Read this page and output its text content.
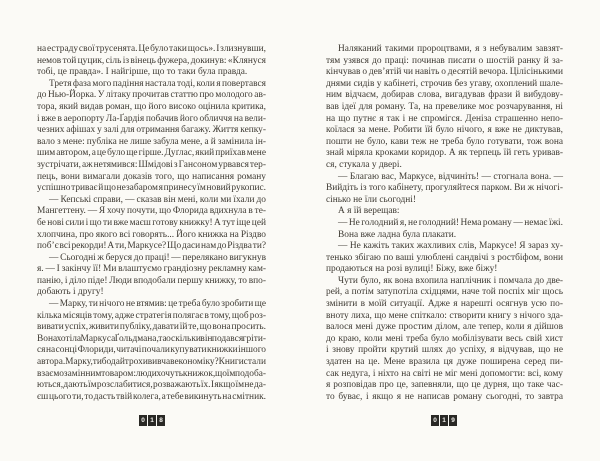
на естраду свої трусенята. Це було таки щось». І злизнувши,
немов той цуцик, сіль із вінець фужера, докинув: «Клянуся
тобі, це правда». І найгірше, що то таки була правда.
Третя фаза мого падіння настала тоді, коли я повертався
до Нью-Йорка. У літаку прочитав статтю про молодого ав-
тора, який видав роман, що його високо оцінила критика,
і вже в аеропорту Ла-Ґардія побачив його обличчя на вели-
чезних афішах у залі для отримання багажу. Життя кепку-
вало з мене: публіка не лише забула мене, а й замінила ін-
шим автором, а це було ще гірше. Дуґлас, який приїхав мене
зустрічати, аж нетямився: Шмідові з Гансоном урвався тер-
пець, вони вимагали доказів того, що написання роману
успішно триває й що незабаром я принесу їм новий рукопис.
— Кепські справи, — сказав він мені, коли ми їхали до
Мангеттену. — Я хочу почути, що Флорида вдихнула в те-
бе нові сили і що ти вже маєш готову книжку! А тут іще цей
хлопчина, про якого всі говорять... Його книжка на Різдво
поб’є всі рекорди! А ти, Маркусе? Що даси нам до Різдва ти?
— Сьогодні ж беруся до праці! — перелякано вигукнув
я. — І закінчу її! Ми влаштуємо грандіозну рекламну кам-
панію, і діло піде! Люди вподобали першу книжку, то впо-
добають і другу!
— Марку, ти нічого не втямив: це треба було зробити ще
кілька місяців тому, адже стратегія полягає в тому, щоб роз-
вивати успіх, живити публіку, давати їй те, що вона просить.
Вона хотіла Маркуса Ґольдмана, та оскільки він подався гріти-
ся на сонці Флориди, читачі почали купувати книжки іншого
автора. Марку, ти бодай трохи вивчав економіку? Книги стали
взаємозамінним товаром: люди хочуть книжок, що їм подоба-
ються, дають їм розслабитися, розважають їх. І якщо їм не да-
єш цього ти, то дасть твій колега, а тебе викинуть на смітник.
0 1 8
Наляканий такими пророцтвами, я з небувалим завзят-
тям узявся до праці: починав писати о шостій ранку й за-
кінчував о дев’ятій чи навіть о десятій вечора. Цілісінькими
днями сидів у кабінеті, строчив без угаву, охоплений шале-
ним відчаєм, добирав слова, вигадував фрази й вибудову-
вав ідеї для роману. Та, на превелике моє розчарування, ні
на що путнє я так і не спромігся. Деніза страшенно непо-
коїлася за мене. Робити їй було нічого, я вже не диктував,
пошти не було, кави теж не треба було готувати, тож вона
знай міряла кроками коридор. А як терпець їй геть уривав-
ся, стукала у двері.
— Благаю вас, Маркусе, відчиніть! — стогнала вона. —
Вийдіть із того кабінету, прогуляйтеся парком. Ви ж нічогі-
сінько не їли сьогодні!
А я їй верещав:
— Не голодний я, не голодний! Нема роману — немає їжі.
Вона вже ладна була плакати.
— Не кажіть таких жахливих слів, Маркусе! Я зараз ху-
тенько збігаю по ваші улюблені сандвічі з ростбіфом, вони
продаються на розі вулиці! Біжу, вже біжу!
Чути було, як вона вхопила наплічник і помчала до две-
рей, а потім затупотіла східцями, наче той поспіх міг щось
змінити в моїй ситуації. Адже я нарешті осягнув усю по-
вноту лиха, що мене спіткало: створити книгу з нічого зда-
валося мені дуже простим ділом, але тепер, коли я дійшов
до краю, коли мені треба було мобілізувати весь свій хист
і знову пройти крутий шлях до успіху, я відчував, що не
здатен на це. Мене вразила ця дуже поширена серед пи-
сак недуга, і ніхто на світі не міг мені допомогти: всі, кому
я розповідав про це, запевняли, що це дурня, що таке час-
то буває, і якщо я не написав роману сьогодні, то завтра
0 1 9
